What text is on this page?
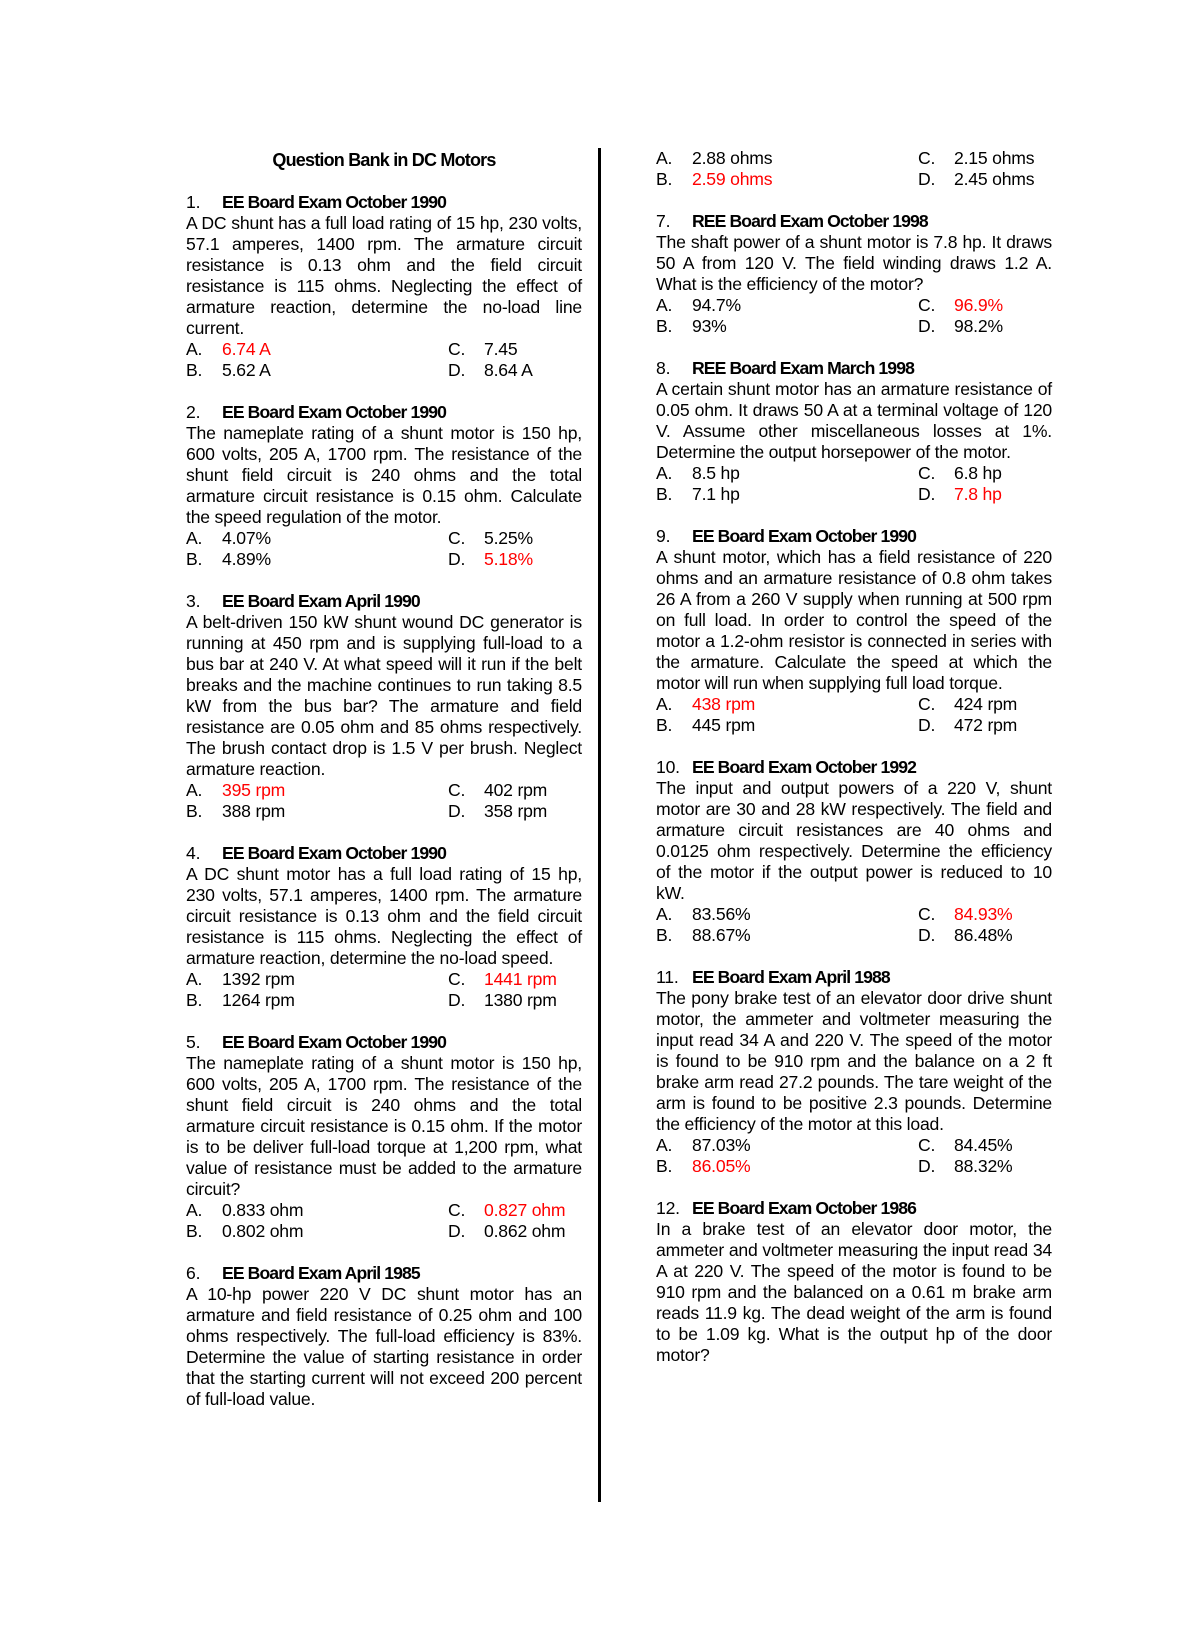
Question Bank in DC Motors
1. EE Board Exam October 1990
A DC shunt has a full load rating of 15 hp, 230 volts, 57.1 amperes, 1400 rpm. The armature circuit resistance is 0.13 ohm and the field circuit resistance is 115 ohms. Neglecting the effect of armature reaction, determine the no-load line current.
A. 6.74 A	C. 7.45
B. 5.62 A	D. 8.64 A
2. EE Board Exam October 1990
The nameplate rating of a shunt motor is 150 hp, 600 volts, 205 A, 1700 rpm. The resistance of the shunt field circuit is 240 ohms and the total armature circuit resistance is 0.15 ohm. Calculate the speed regulation of the motor.
A. 4.07%	C. 5.25%
B. 4.89%	D. 5.18%
3. EE Board Exam April 1990
A belt-driven 150 kW shunt wound DC generator is running at 450 rpm and is supplying full-load to a bus bar at 240 V. At what speed will it run if the belt breaks and the machine continues to run taking 8.5 kW from the bus bar? The armature and field resistance are 0.05 ohm and 85 ohms respectively. The brush contact drop is 1.5 V per brush. Neglect armature reaction.
A. 395 rpm	C. 402 rpm
B. 388 rpm	D. 358 rpm
4. EE Board Exam October 1990
A DC shunt motor has a full load rating of 15 hp, 230 volts, 57.1 amperes, 1400 rpm. The armature circuit resistance is 0.13 ohm and the field circuit resistance is 115 ohms. Neglecting the effect of armature reaction, determine the no-load speed.
A. 1392 rpm	C. 1441 rpm
B. 1264 rpm	D. 1380 rpm
5. EE Board Exam October 1990
The nameplate rating of a shunt motor is 150 hp, 600 volts, 205 A, 1700 rpm. The resistance of the shunt field circuit is 240 ohms and the total armature circuit resistance is 0.15 ohm. If the motor is to be deliver full-load torque at 1,200 rpm, what value of resistance must be added to the armature circuit?
A. 0.833 ohm	C. 0.827 ohm
B. 0.802 ohm	D. 0.862 ohm
6. EE Board Exam April 1985
A 10-hp power 220 V DC shunt motor has an armature and field resistance of 0.25 ohm and 100 ohms respectively. The full-load efficiency is 83%. Determine the value of starting resistance in order that the starting current will not exceed 200 percent of full-load value.
A. 2.88 ohms	C. 2.15 ohms
B. 2.59 ohms	D. 2.45 ohms
7. REE Board Exam October 1998
The shaft power of a shunt motor is 7.8 hp. It draws 50 A from 120 V. The field winding draws 1.2 A. What is the efficiency of the motor?
A. 94.7%	C. 96.9%
B. 93%	D. 98.2%
8. REE Board Exam March 1998
A certain shunt motor has an armature resistance of 0.05 ohm. It draws 50 A at a terminal voltage of 120 V. Assume other miscellaneous losses at 1%. Determine the output horsepower of the motor.
A. 8.5 hp	C. 6.8 hp
B. 7.1 hp	D. 7.8 hp
9. EE Board Exam October 1990
A shunt motor, which has a field resistance of 220 ohms and an armature resistance of 0.8 ohm takes 26 A from a 260 V supply when running at 500 rpm on full load. In order to control the speed of the motor a 1.2-ohm resistor is connected in series with the armature. Calculate the speed at which the motor will run when supplying full load torque.
A. 438 rpm	C. 424 rpm
B. 445 rpm	D. 472 rpm
10. EE Board Exam October 1992
The input and output powers of a 220 V, shunt motor are 30 and 28 kW respectively. The field and armature circuit resistances are 40 ohms and 0.0125 ohm respectively. Determine the efficiency of the motor if the output power is reduced to 10 kW.
A. 83.56%	C. 84.93%
B. 88.67%	D. 86.48%
11. EE Board Exam April 1988
The pony brake test of an elevator door drive shunt motor, the ammeter and voltmeter measuring the input read 34 A and 220 V. The speed of the motor is found to be 910 rpm and the balance on a 2 ft brake arm read 27.2 pounds. The tare weight of the arm is found to be positive 2.3 pounds. Determine the efficiency of the motor at this load.
A. 87.03%	C. 84.45%
B. 86.05%	D. 88.32%
12. EE Board Exam October 1986
In a brake test of an elevator door motor, the ammeter and voltmeter measuring the input read 34 A at 220 V. The speed of the motor is found to be 910 rpm and the balanced on a 0.61 m brake arm reads 11.9 kg. The dead weight of the arm is found to be 1.09 kg. What is the output hp of the door motor?
